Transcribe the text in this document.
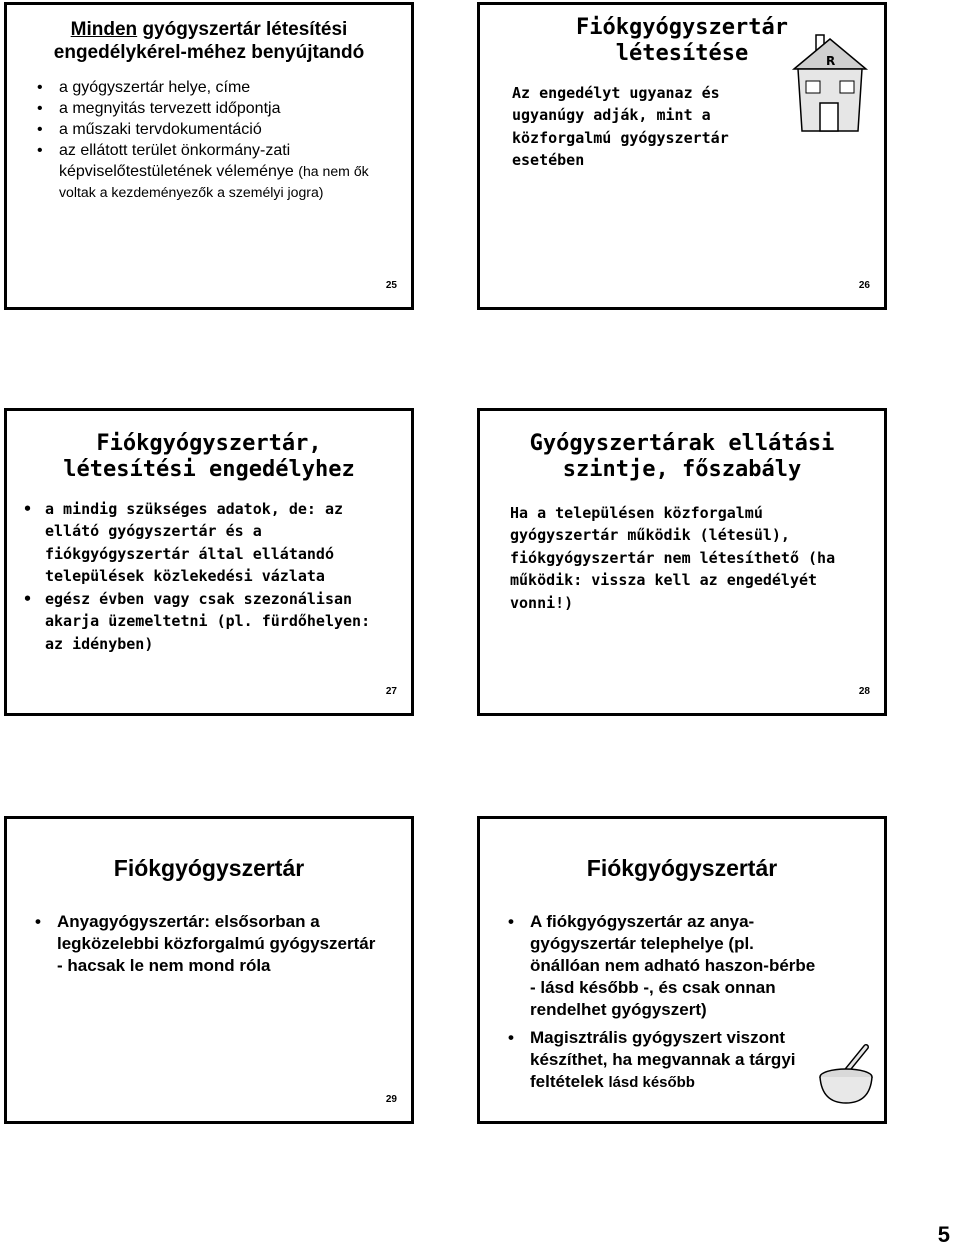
Minden gyógyszertár létesítési engedélykérel-méhez benyújtandó
• a gyógyszertár helye, címe
• a megnyitás tervezett időpontja
• a műszaki tervdokumentáció
• az ellátott terület önkormány-zati képviselőtestületének véleménye (ha nem ők voltak a kezdeményezők a személyi jogra)
25
Fiókgyógyszertár létesítése
Az engedélyt ugyanaz és ugyanúgy adják, mint a közforgalmú gyógyszertár esetében
R
26
Fiókgyógyszertár, létesítési engedélyhez
• a mindig szükséges adatok, de: az ellátó gyógyszertár és a fiókgyógyszertár által ellátandó települések közlekedési vázlata
• egész évben vagy csak szezonálisan akarja üzemeltetni (pl. fürdőhelyen: az idényben)
27
Gyógyszertárak ellátási szintje, főszabály
Ha a településen közforgalmú gyógyszertár működik (létesül), fiókgyógyszertár nem létesíthető (ha működik: vissza kell az engedélyét vonni!)
28
Fiókgyógyszertár
• Anyagyógyszertár: elsősorban a legközelebbi közforgalmú gyógyszertár - hacsak le nem mond róla
29
Fiókgyógyszertár
• A fiókgyógyszertár az anya-gyógyszertár telephelye (pl. önállóan nem adható haszon-bérbe - lásd később -, és csak onnan rendelhet gyógyszert)
• Magisztrális gyógyszert viszont készíthet, ha megvannak a tárgyi feltételek lásd később
5
